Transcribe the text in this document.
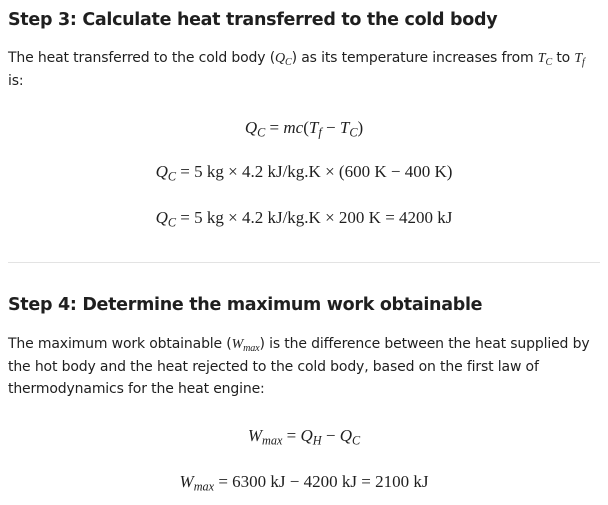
Step 3: Calculate heat transferred to the cold body

The heat transferred to the cold body $(Q_C)$ as its temperature increases from $T_C$ to $T_f$
is:

$Q_C = mc(T_f - T_C)$
$Q_C = 5$ kg × 4.2 kJ/kg.K × (600 K − 400 K)
$Q_C = 5$ kg × 4.2 kJ/kg.K × 200 K = 4200 kJ
Step 4: Determine the maximum work obtainable

The maximum work obtainable $(W_{max})$ is the difference between the heat supplied by the hot body and the heat rejected to the cold body, based on the first law of thermodynamics for the heat engine:

$W_{max} = Q_H - Q_C$
$W_{max} = 6300$ kJ − 4200 kJ = 2100 kJ
